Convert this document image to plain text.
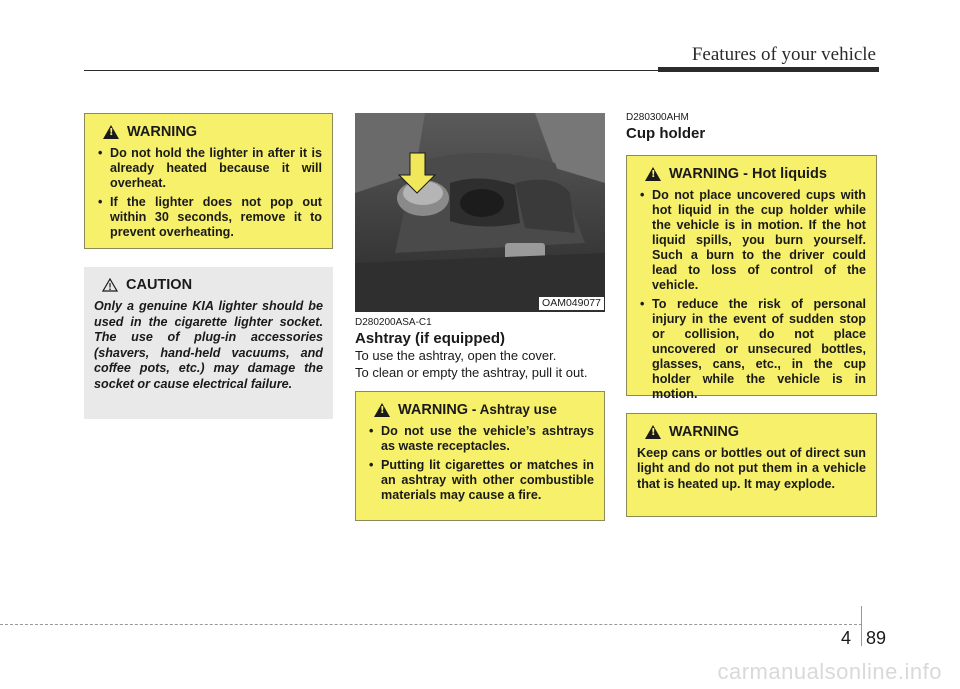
Features of your vehicle
!
WARNING
• Do not hold the lighter in after it is already heated because it will overheat.
• If the lighter does not pop out within 30 seconds, remove it to prevent overheating.
CAUTION
Only a genuine KIA lighter should be used in the cigarette lighter socket. The use of plug-in accessories (shavers, hand-held vacuums, and coffee pots, etc.) may damage the socket or cause electrical failure.
OAM049077
D280200ASA-C1
Ashtray (if equipped)
To use the ashtray, open the cover.
To clean or empty the ashtray, pull it out.
!
WARNING - Ashtray use
• Do not use the vehicle’s ashtrays as waste receptacles.
• Putting lit cigarettes or matches in an ashtray with other combustible materials may cause a fire.
D280300AHM
Cup holder
!
WARNING - Hot liquids
• Do not place uncovered cups with hot liquid in the cup holder while the vehicle is in motion. If the hot liquid spills, you burn yourself. Such a burn to the driver could lead to loss of control of the vehicle.
• To reduce the risk of personal injury in the event of sudden stop or collision, do not place uncovered or unsecured bottles, glasses, cans, etc., in the cup holder while the vehicle is in motion.
!
WARNING
Keep cans or bottles out of direct sun light and do not put them in a vehicle that is heated up. It may explode.
4 89
carmanualsonline.info
